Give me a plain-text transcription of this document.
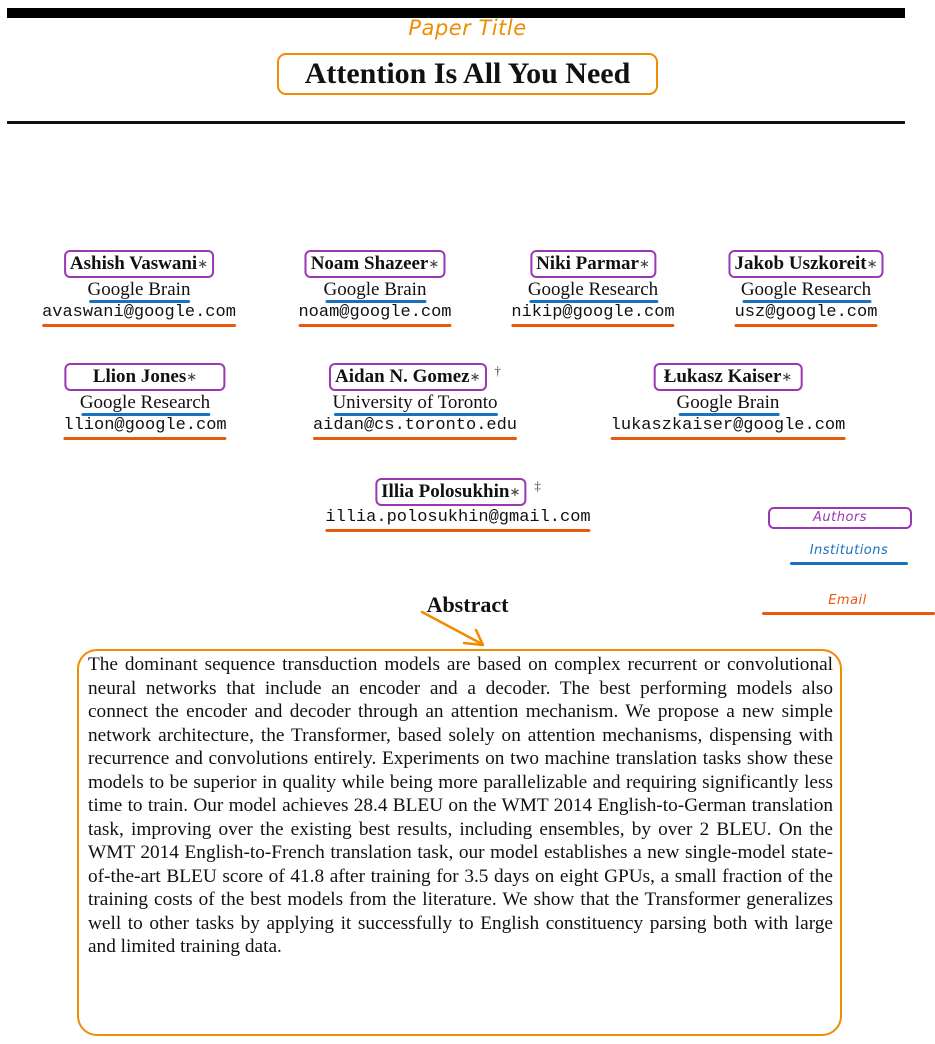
Paper Title
Attention Is All You Need
Ashish Vaswani∗
Google Brain
avaswani@google.com
Noam Shazeer∗
Google Brain
noam@google.com
Niki Parmar∗
Google Research
nikip@google.com
Jakob Uszkoreit∗
Google Research
usz@google.com
Llion Jones∗
Google Research
llion@google.com
Aidan N. Gomez∗ †
University of Toronto
aidan@cs.toronto.edu
Łukasz Kaiser∗
Google Brain
lukaszkaiser@google.com
Illia Polosukhin∗ ‡
illia.polosukhin@gmail.com	Authors
Institutions
Email
Abstract
The dominant sequence transduction models are based on complex recurrent or convolutional neural networks that include an encoder and a decoder. The best performing models also connect the encoder and decoder through an attention mechanism. We propose a new simple network architecture, the Transformer, based solely on attention mechanisms, dispensing with recurrence and convolutions entirely. Experiments on two machine translation tasks show these models to be superior in quality while being more parallelizable and requiring significantly less time to train. Our model achieves 28.4 BLEU on the WMT 2014 English-to-German translation task, improving over the existing best results, including ensembles, by over 2 BLEU. On the WMT 2014 English-to-French translation task, our model establishes a new single-model state-of-the-art BLEU score of 41.8 after training for 3.5 days on eight GPUs, a small fraction of the training costs of the best models from the literature. We show that the Transformer generalizes well to other tasks by applying it successfully to English constituency parsing both with large and limited training data.
